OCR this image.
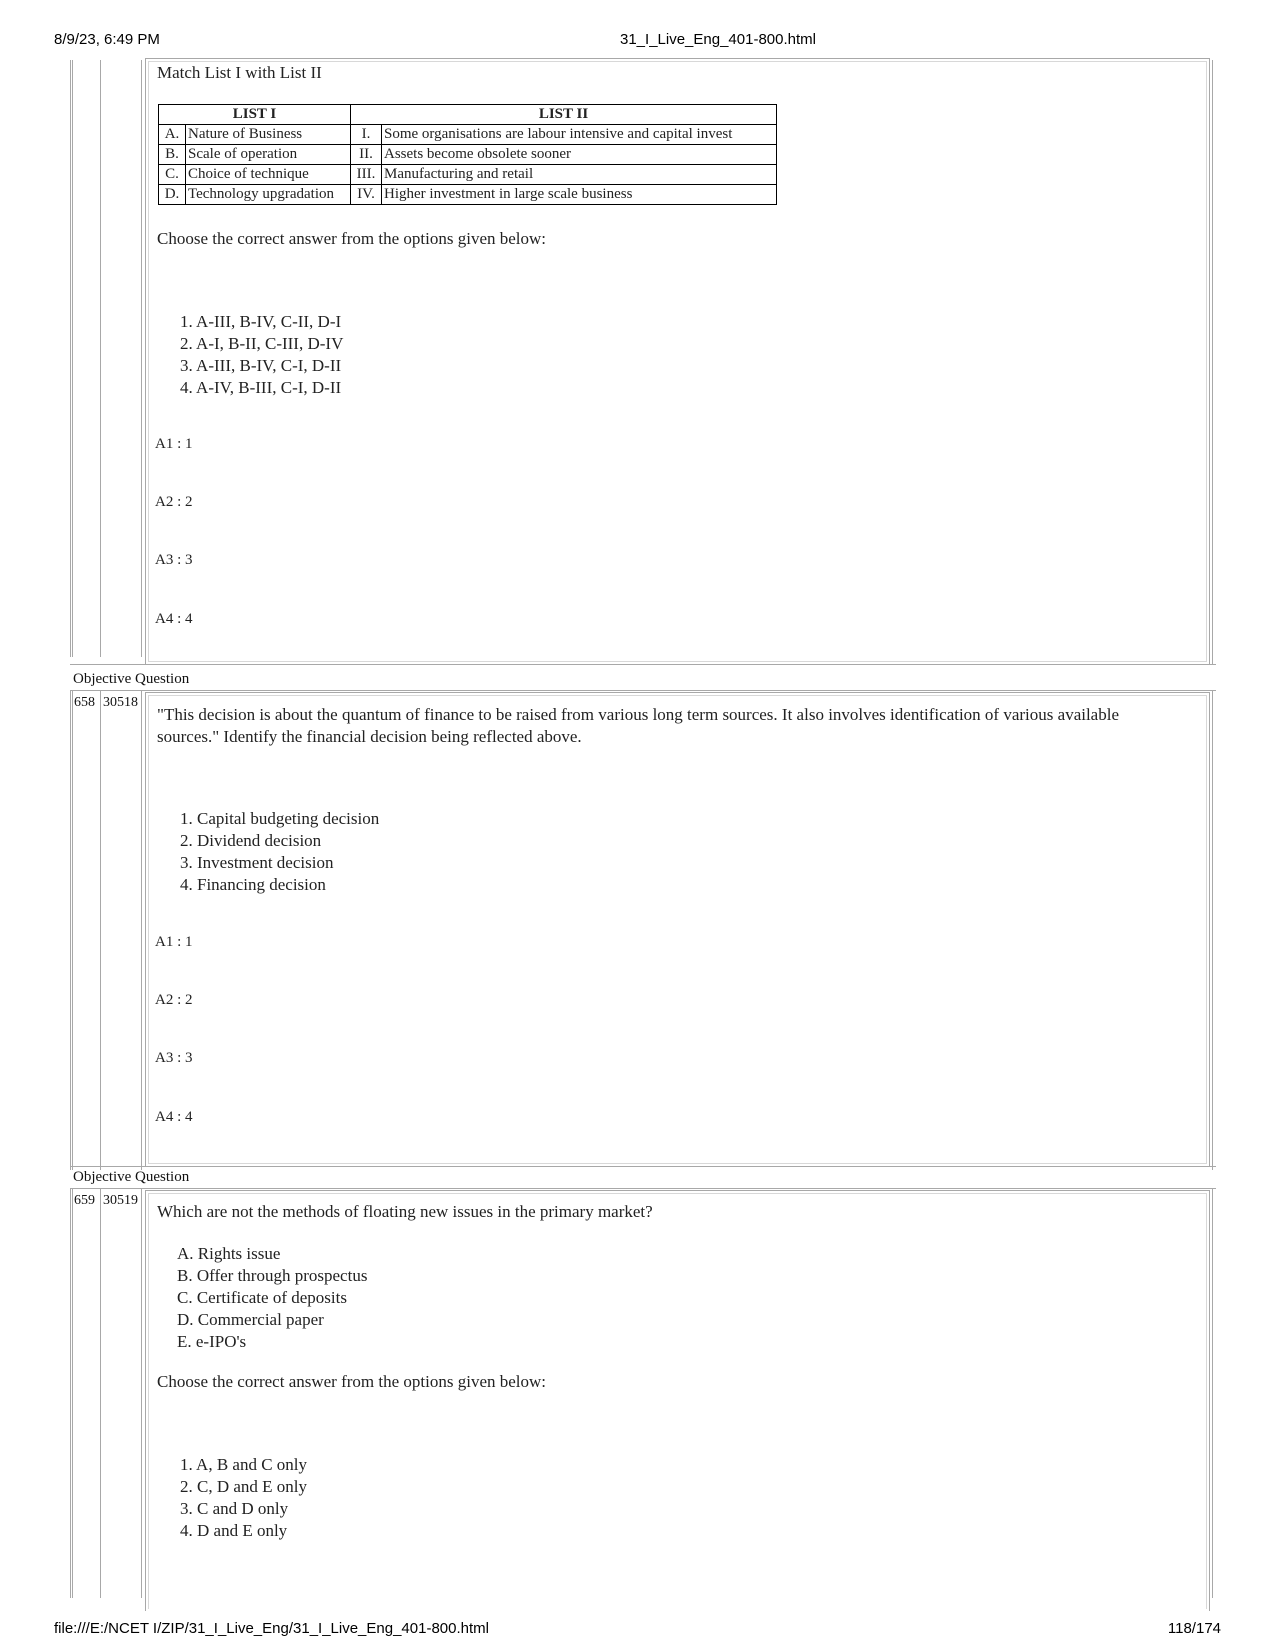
8/9/23, 6:49 PM	31_I_Live_Eng_401-800.html
file:///E:/NCET I/ZIP/31_I_Live_Eng/31_I_Live_Eng_401-800.html	118/174
Match List I with List II
LIST I		LIST II	
A.	Nature of Business	I.	Some organisations are labour intensive and capital invest
B.	Scale of operation	II.	Assets become obsolete sooner
C.	Choice of technique	III.	Manufacturing and retail
D.	Technology upgradation	IV.	Higher investment in large scale business
Choose the correct answer from the options given below:
1. A-III, B-IV, C-II, D-I
2. A-I, B-II, C-III, D-IV
3. A-III, B-IV, C-I, D-II
4. A-IV, B-III, C-I, D-II
A1 : 1
A2 : 2
A3 : 3
A4 : 4
Objective Question
658 30518
"This decision is about the quantum of finance to be raised from various long term sources. It also involves identification of various available sources." Identify the financial decision being reflected above.
1. Capital budgeting decision
2. Dividend decision
3. Investment decision
4. Financing decision
A1 : 1
A2 : 2
A3 : 3
A4 : 4
Objective Question
659 30519
Which are not the methods of floating new issues in the primary market?
A. Rights issue
B. Offer through prospectus
C. Certificate of deposits
D. Commercial paper
E. e-IPO's
Choose the correct answer from the options given below:
1. A, B and C only
2. C, D and E only
3. C and D only
4. D and E only
